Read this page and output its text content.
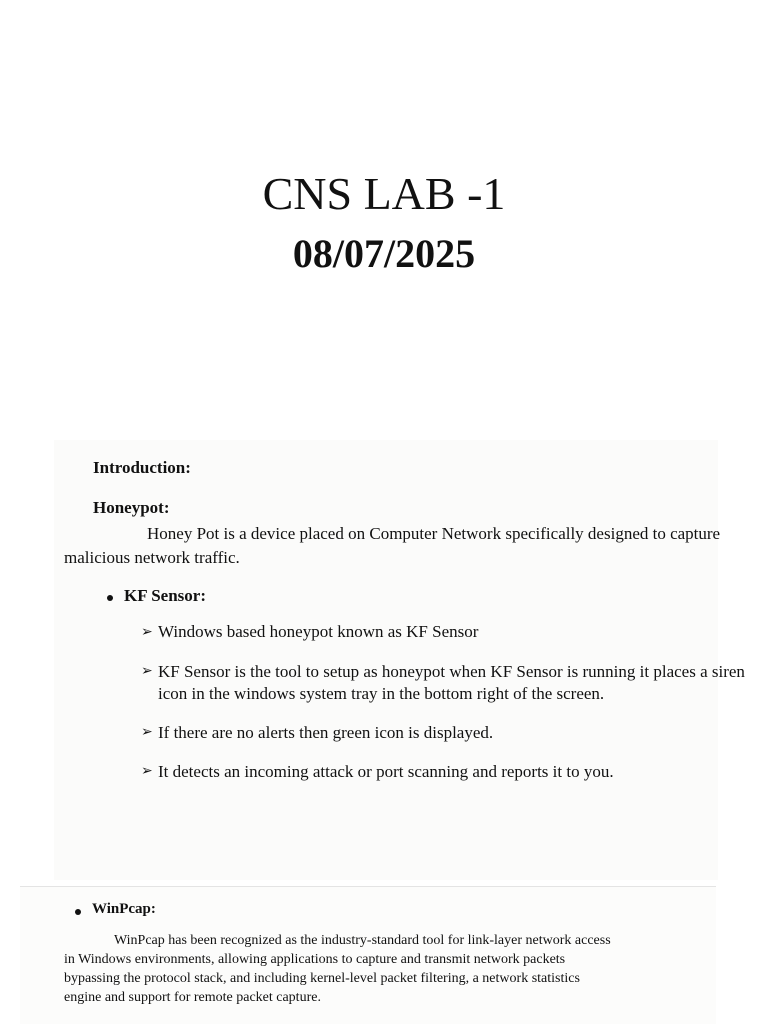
CNS LAB -1
08/07/2025
Introduction:
Honeypot:
Honey Pot is a device placed on Computer Network specifically designed to capture
malicious network traffic.
KF Sensor:
➢ Windows based honeypot known as KF Sensor
➢ KF Sensor is the tool to setup as honeypot when KF Sensor is running it places a siren
icon in the windows system tray in the bottom right of the screen.
➢ If there are no alerts then green icon is displayed.
➢ It detects an incoming attack or port scanning and reports it to you.
WinPcap:
WinPcap has been recognized as the industry-standard tool for link-layer network access
in Windows environments, allowing applications to capture and transmit network packets
bypassing the protocol stack, and including kernel-level packet filtering, a network statistics
engine and support for remote packet capture.
